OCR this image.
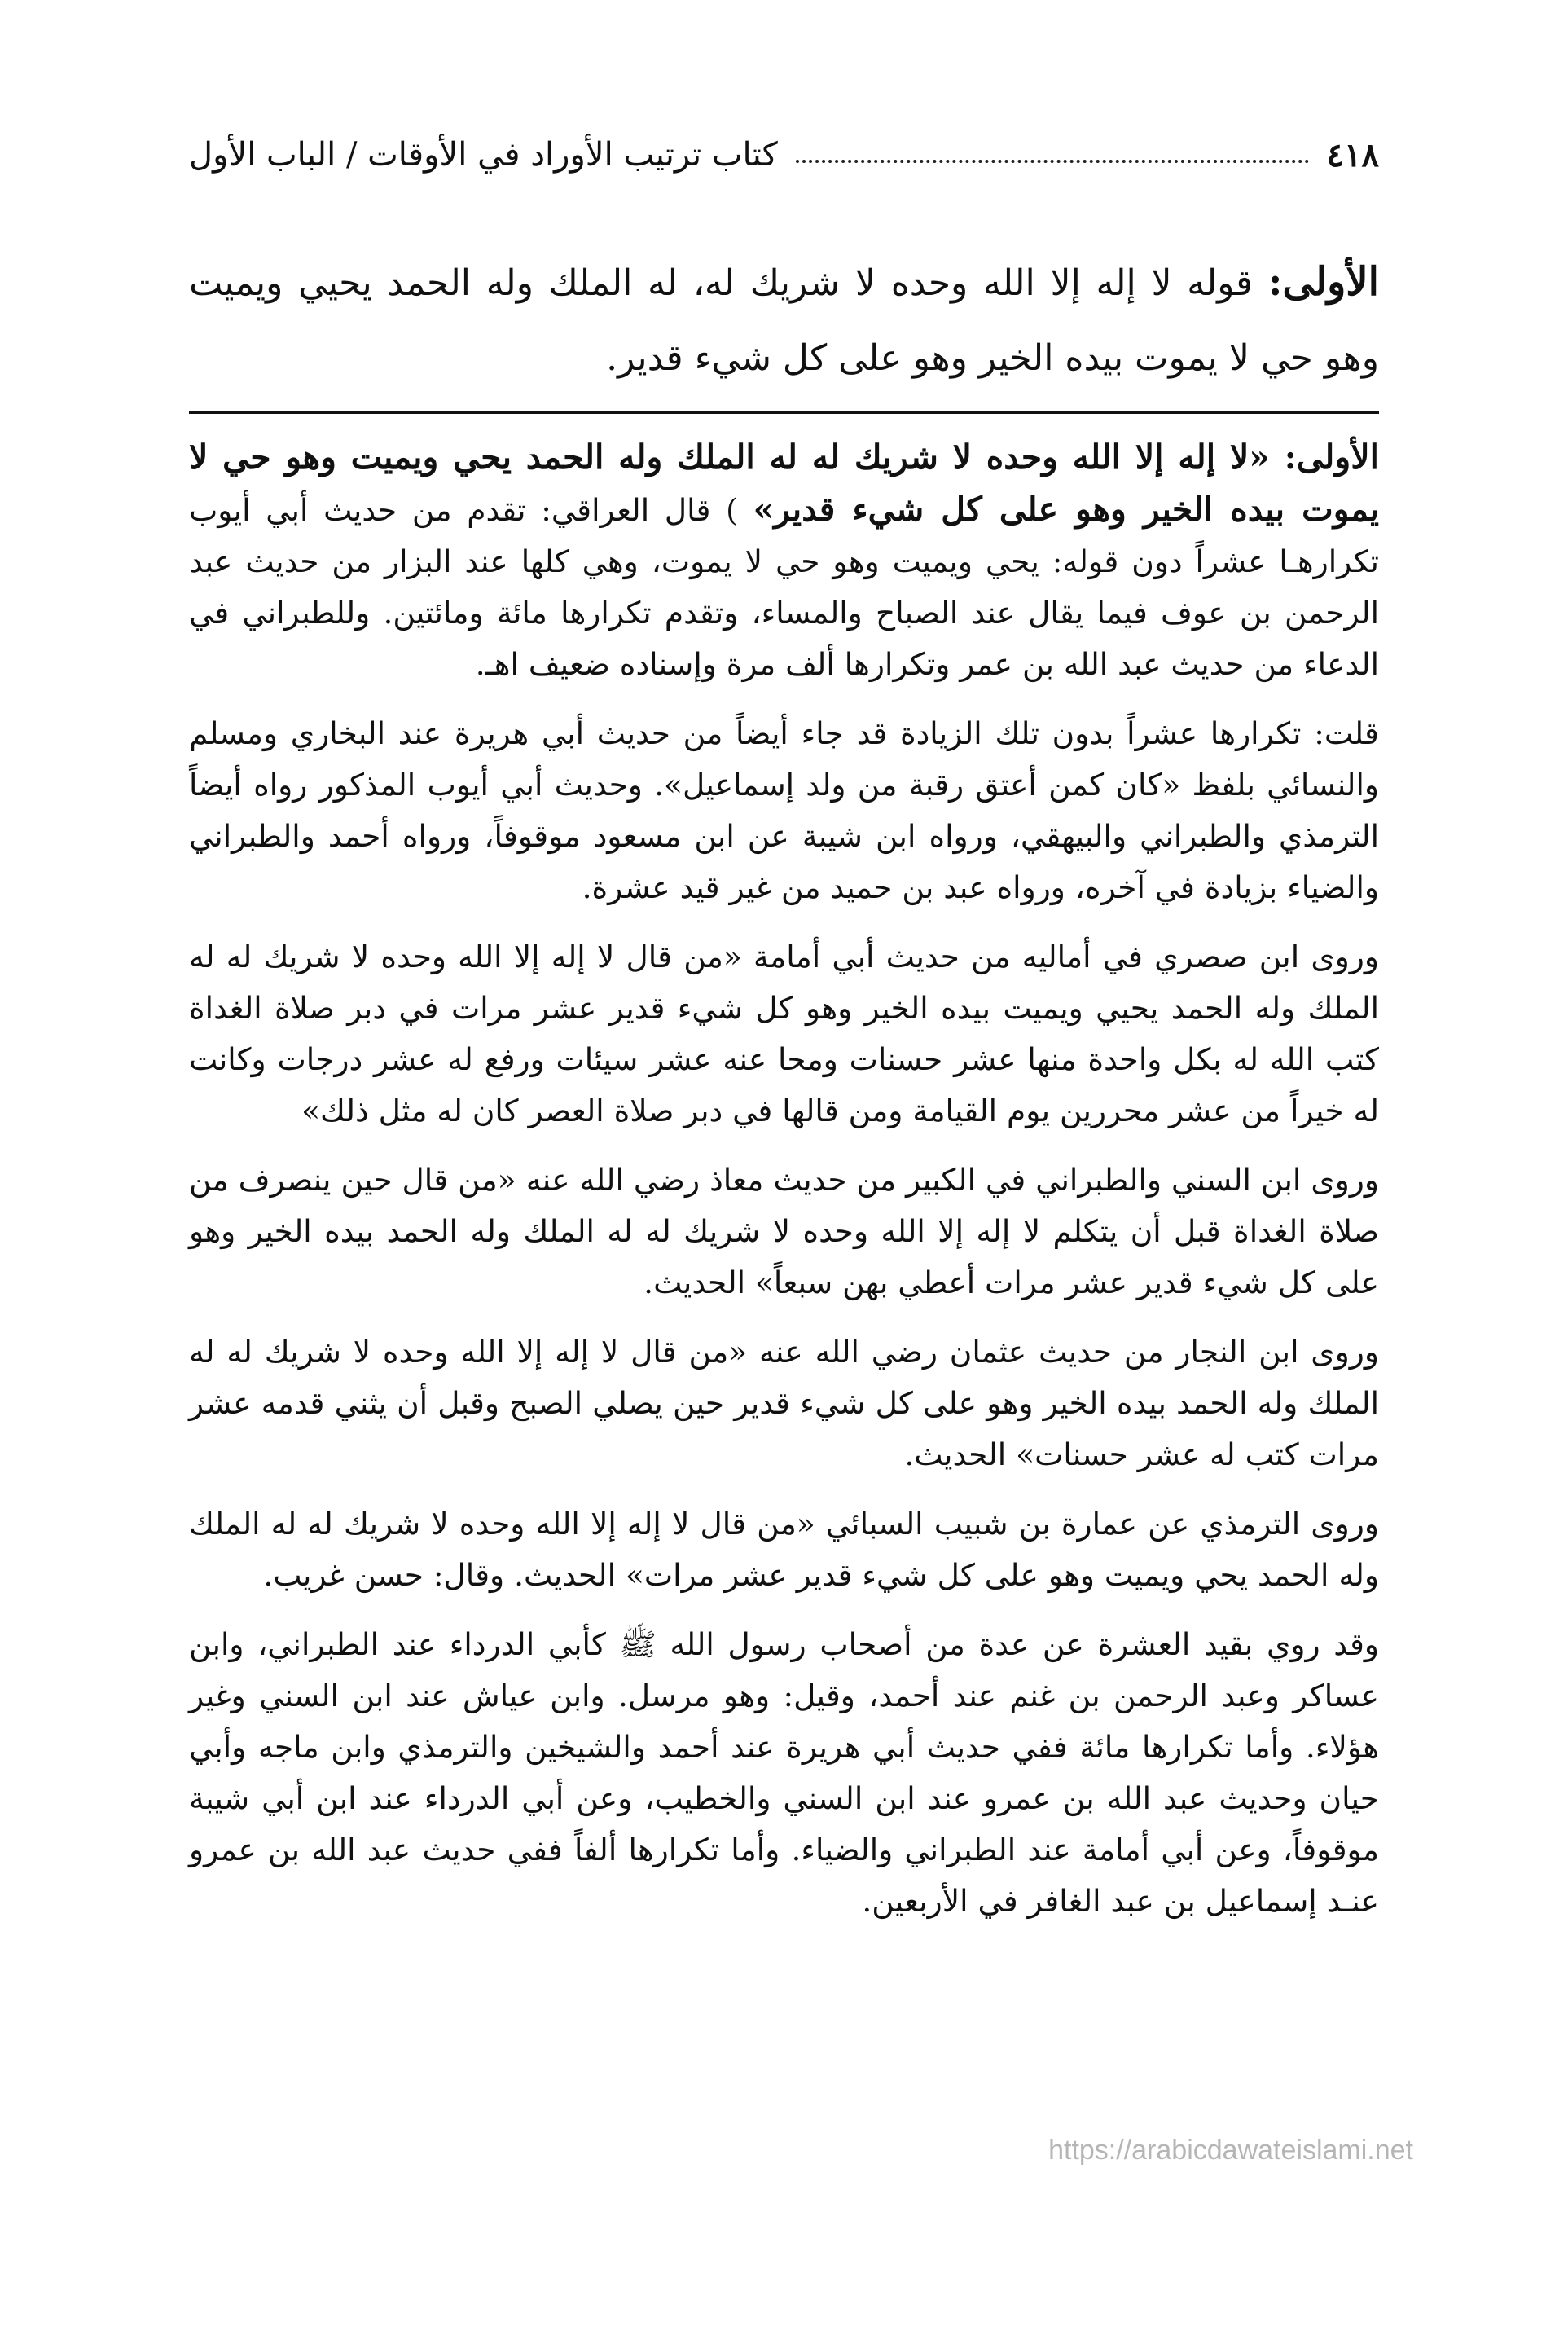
٤١٨
كتاب ترتيب الأوراد في الأوقات / الباب الأول
الأولى: قوله لا إله إلا الله وحده لا شريك له، له الملك وله الحمد يحيي ويميت وهو حي لا يموت بيده الخير وهو على كل شيء قدير.

الأولى: «لا إله إلا الله وحده لا شريك له له الملك وله الحمد يحي ويميت وهو حي لا يموت بيده الخير وهو على كل شيء قدير» ) قال العراقي: تقدم من حديث أبي أيوب تكرارهـا عشراً دون قوله: يحي ويميت وهو حي لا يموت، وهي كلها عند البزار من حديث عبد الرحمن بن عوف فيما يقال عند الصباح والمساء، وتقدم تكرارها مائة ومائتين. وللطبراني في الدعاء من حديث عبد الله بن عمر وتكرارها ألف مرة وإسناده ضعيف اهـ.

قلت: تكرارها عشراً بدون تلك الزيادة قد جاء أيضاً من حديث أبي هريرة عند البخاري ومسلم والنسائي بلفظ «كان كمن أعتق رقبة من ولد إسماعيل». وحديث أبي أيوب المذكور رواه أيضاً الترمذي والطبراني والبيهقي، ورواه ابن شيبة عن ابن مسعود موقوفاً، ورواه أحمد والطبراني والضياء بزيادة في آخره، ورواه عبد بن حميد من غير قيد عشرة.

وروى ابن صصري في أماليه من حديث أبي أمامة «من قال لا إله إلا الله وحده لا شريك له له الملك وله الحمد يحيي ويميت بيده الخير وهو كل شيء قدير عشر مرات في دبر صلاة الغداة كتب الله له بكل واحدة منها عشر حسنات ومحا عنه عشر سيئات ورفع له عشر درجات وكانت له خيراً من عشر محررين يوم القيامة ومن قالها في دبر صلاة العصر كان له مثل ذلك»

وروى ابن السني والطبراني في الكبير من حديث معاذ رضي الله عنه «من قال حين ينصرف من صلاة الغداة قبل أن يتكلم لا إله إلا الله وحده لا شريك له له الملك وله الحمد بيده الخير وهو على كل شيء قدير عشر مرات أعطي بهن سبعاً» الحديث.

وروى ابن النجار من حديث عثمان رضي الله عنه «من قال لا إله إلا الله وحده لا شريك له له الملك وله الحمد بيده الخير وهو على كل شيء قدير حين يصلي الصبح وقبل أن يثني قدمه عشر مرات كتب له عشر حسنات» الحديث.

وروى الترمذي عن عمارة بن شبيب السبائي «من قال لا إله إلا الله وحده لا شريك له له الملك وله الحمد يحي ويميت وهو على كل شيء قدير عشر مرات» الحديث. وقال: حسن غريب.

وقد روي بقيد العشرة عن عدة من أصحاب رسول الله ﷺ كأبي الدرداء عند الطبراني، وابن عساكر وعبد الرحمن بن غنم عند أحمد، وقيل: وهو مرسل. وابن عياش عند ابن السني وغير هؤلاء. وأما تكرارها مائة ففي حديث أبي هريرة عند أحمد والشيخين والترمذي وابن ماجه وأبي حيان وحديث عبد الله بن عمرو عند ابن السني والخطيب، وعن أبي الدرداء عند ابن أبي شيبة موقوفاً، وعن أبي أمامة عند الطبراني والضياء. وأما تكرارها ألفاً ففي حديث عبد الله بن عمرو عنـد إسماعيل بن عبد الغافر في الأربعين.

https://arabicdawateislami.net
